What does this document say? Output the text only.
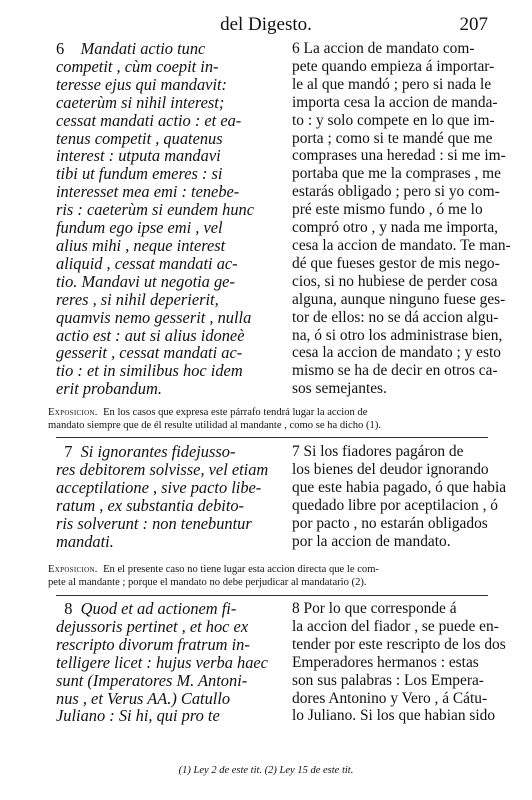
del Digesto.	207
6 Mandati actio tunc
competit , cùm coepit in-
teresse ejus qui mandavit:
caeterùm si nihil interest;
cessat mandati actio : et ea-
tenus competit , quatenus
interest : utputa mandavi
tibi ut fundum emeres : si
interesset mea emi : tenebe-
ris : caeterùm si eundem hunc
fundum ego ipse emi , vel
alius mihi , neque interest
aliquid , cessat mandati ac-
tio. Mandavi ut negotia ge-
reres , si nihil deperierit,
quamvis nemo gesserit , nulla
actio est : aut si alius idoneè
gesserit , cessat mandati ac-
tio : et in similibus hoc idem
erit probandum.
6 La accion de mandato com-
pete quando empieza á importar-
le al que mandó ; pero si nada le
importa cesa la accion de manda-
to : y solo compete en lo que im-
porta ; como si te mandé que me
comprases una heredad : si me im-
portaba que me la comprases , me
estarás obligado ; pero si yo com-
pré este mismo fundo , ó me lo
compró otro , y nada me importa,
cesa la accion de mandato. Te man-
dé que fueses gestor de mis nego-
cios, si no hubiese de perder cosa
alguna, aunque ninguno fuese ges-
tor de ellos: no se dá accion algu-
na, ó si otro los administrase bien,
cesa la accion de mandato ; y esto
mismo se ha de decir en otros ca-
sos semejantes.
Exposicion. En los casos que expresa este párrafo tendrá lugar la accion de
mandato siempre que de él resulte utilidad al mandante , como se ha dicho (1).
7 Si ignorantes fidejusso-
res debitorem solvisse, vel etiam
acceptilatione , sive pacto libe-
ratum , ex substantia debito-
ris solverunt : non tenebuntur
mandati.
7 Si los fiadores pagáron de
los bienes del deudor ignorando
que este habia pagado, ó que habia
quedado libre por aceptilacion , ó
por pacto , no estarán obligados
por la accion de mandato.
Exposicion. En el presente caso no tiene lugar esta accion directa que le com-
pete al mandante ; porque el mandato no debe perjudicar al mandatario (2).
8 Quod et ad actionem fi-
dejussoris pertinet , et hoc ex
rescripto divorum fratrum in-
telligere licet : hujus verba haec
sunt (Imperatores M. Antoni-
nus , et Verus AA.) Catullo
Juliano : Si hi, qui pro te
8 Por lo que corresponde á
la accion del fiador , se puede en-
tender por este rescripto de los dos
Emperadores hermanos : estas
son sus palabras : Los Empera-
dores Antonino y Vero , á Cátu-
lo Juliano. Si los que habian sido
(1) Ley 2 de este tit. (2) Ley 15 de este tit.
